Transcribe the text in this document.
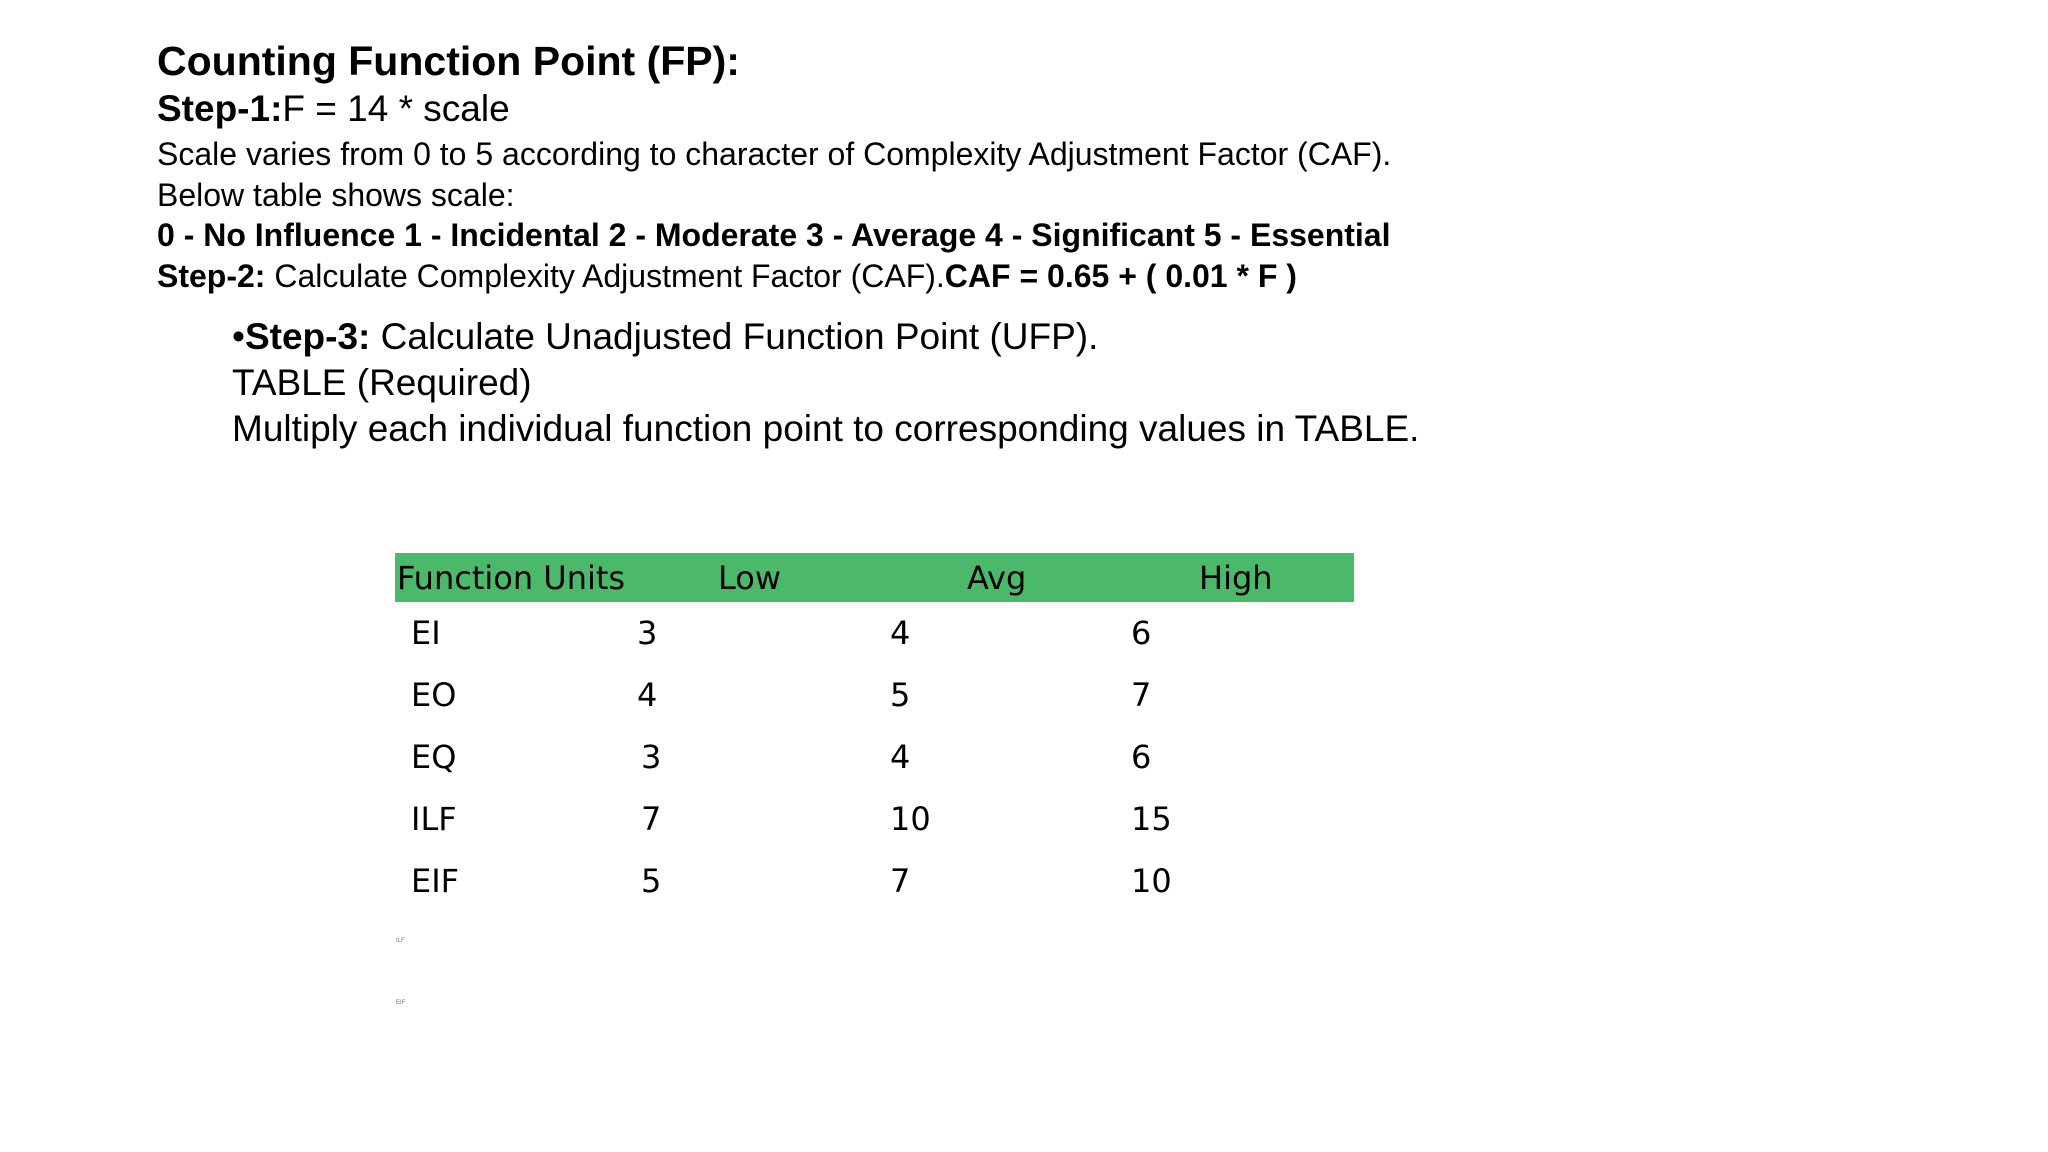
Counting Function Point (FP):

Step-1:F = 14 * scale

Scale varies from 0 to 5 according to character of Complexity Adjustment Factor (CAF).

Below table shows scale:

0 - No Influence 1 - Incidental 2 - Moderate 3 - Average 4 - Significant 5 - Essential

Step-2: Calculate Complexity Adjustment Factor (CAF).CAF = 0.65 + ( 0.01 * F )

•Step-3: Calculate Unadjusted Function Point (UFP).

TABLE (Required)

Multiply each individual function point to corresponding values in TABLE.

Function Units	Low	Avg	High
EI	3	4	6
EO	4	5	7
EQ	3	4	6
ILF	7	10	15
EIF	5	7	10
ILF
EIF
